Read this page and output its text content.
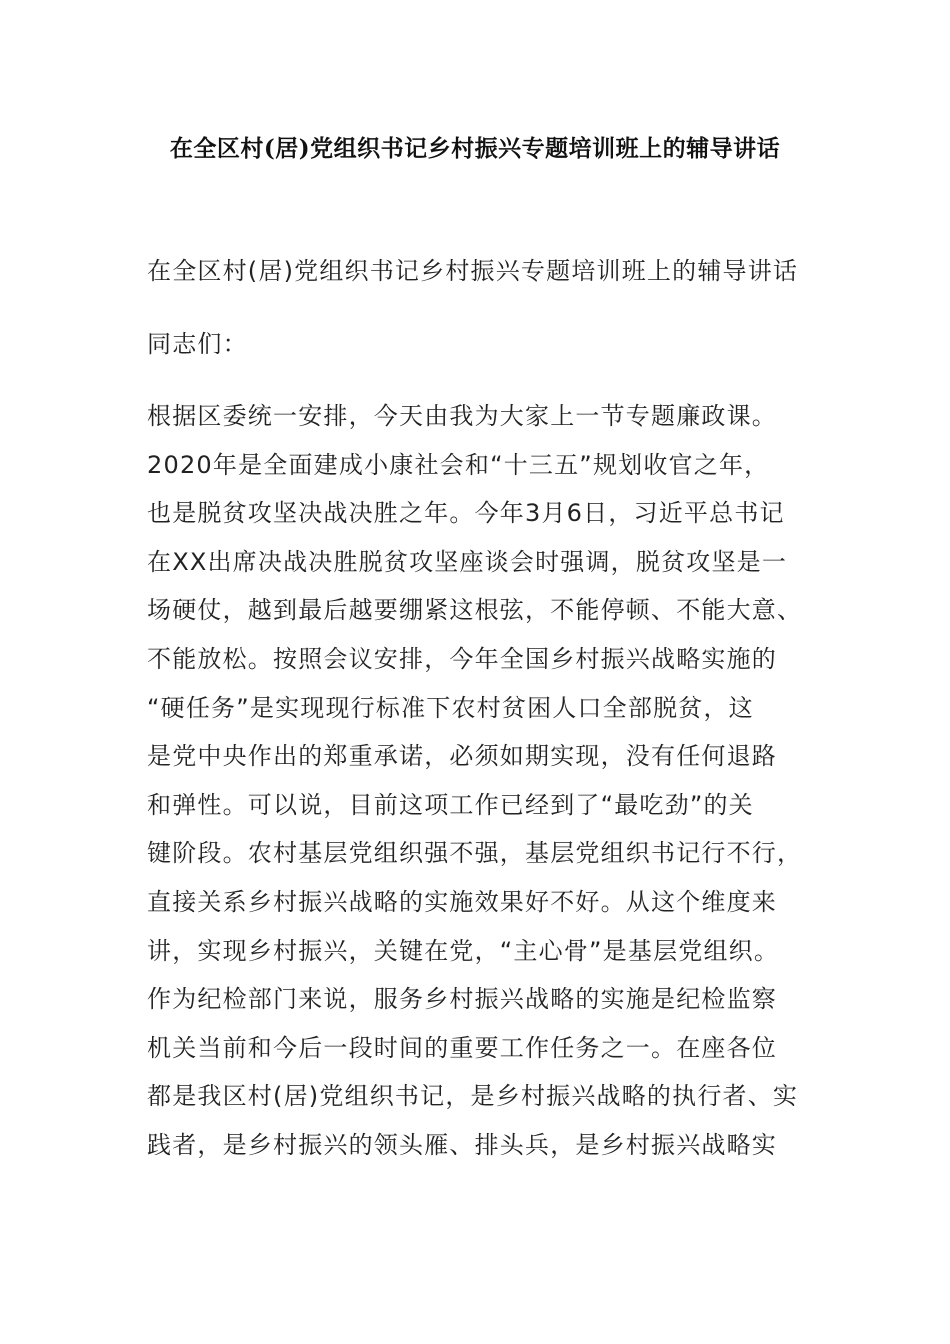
在全区村(居)党组织书记乡村振兴专题培训班上的辅导讲话
在全区村(居)党组织书记乡村振兴专题培训班上的辅导讲话
同志们：
根据区委统一安排，今天由我为大家上一节专题廉政课。
2020年是全面建成小康社会和“十三五”规划收官之年，
也是脱贫攻坚决战决胜之年。今年3月6日，习近平总书记
在XX出席决战决胜脱贫攻坚座谈会时强调，脱贫攻坚是一
场硬仗，越到最后越要绷紧这根弦，不能停顿、不能大意、
不能放松。按照会议安排，今年全国乡村振兴战略实施的
“硬任务”是实现现行标准下农村贫困人口全部脱贫，这
是党中央作出的郑重承诺，必须如期实现，没有任何退路
和弹性。可以说，目前这项工作已经到了“最吃劲”的关
键阶段。农村基层党组织强不强，基层党组织书记行不行，
直接关系乡村振兴战略的实施效果好不好。从这个维度来
讲，实现乡村振兴，关键在党，“主心骨”是基层党组织。
作为纪检部门来说，服务乡村振兴战略的实施是纪检监察
机关当前和今后一段时间的重要工作任务之一。在座各位
都是我区村(居)党组织书记，是乡村振兴战略的执行者、实
践者，是乡村振兴的领头雁、排头兵，是乡村振兴战略实
